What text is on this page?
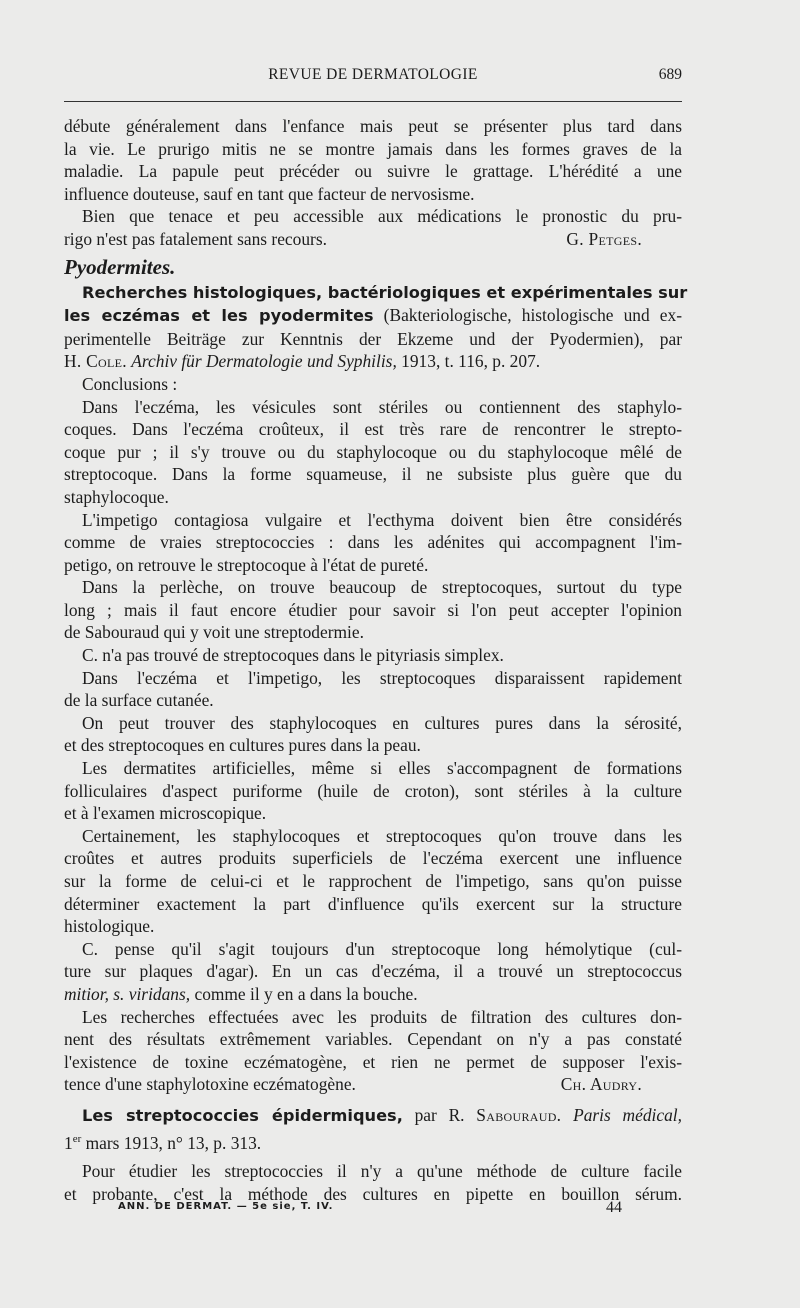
REVUE DE DERMATOLOGIE	689
débute généralement dans l'enfance mais peut se présenter plus tard dans
la vie. Le prurigo mitis ne se montre jamais dans les formes graves de la
maladie. La papule peut précéder ou suivre le grattage. L'hérédité a une
influence douteuse, sauf en tant que facteur de nervosisme.
Bien que tenace et peu accessible aux médications le pronostic du pru-
rigo n'est pas fatalement sans recours.	G. Petges.
Pyodermites.
Recherches histologiques, bactériologiques et expérimentales sur
les eczémas et les pyodermites (Bakteriologische, histologische und ex-
perimentelle Beiträge zur Kenntnis der Ekzeme und der Pyodermien), par
H. Cole. Archiv für Dermatologie und Syphilis, 1913, t. 116, p. 207.
Conclusions :
Dans l'eczéma, les vésicules sont stériles ou contiennent des staphylo-
coques. Dans l'eczéma croûteux, il est très rare de rencontrer le strepto-
coque pur ; il s'y trouve ou du staphylocoque ou du staphylocoque mêlé de
streptocoque. Dans la forme squameuse, il ne subsiste plus guère que du
staphylocoque.
L'impetigo contagiosa vulgaire et l'ecthyma doivent bien être considérés
comme de vraies streptococcies : dans les adénites qui accompagnent l'im-
petigo, on retrouve le streptocoque à l'état de pureté.
Dans la perlèche, on trouve beaucoup de streptocoques, surtout du type
long ; mais il faut encore étudier pour savoir si l'on peut accepter l'opinion
de Sabouraud qui y voit une streptodermie.
C. n'a pas trouvé de streptocoques dans le pityriasis simplex.
Dans l'eczéma et l'impetigo, les streptocoques disparaissent rapidement
de la surface cutanée.
On peut trouver des staphylocoques en cultures pures dans la sérosité,
et des streptocoques en cultures pures dans la peau.
Les dermatites artificielles, même si elles s'accompagnent de formations
folliculaires d'aspect puriforme (huile de croton), sont stériles à la culture
et à l'examen microscopique.
Certainement, les staphylocoques et streptocoques qu'on trouve dans les
croûtes et autres produits superficiels de l'eczéma exercent une influence
sur la forme de celui-ci et le rapprochent de l'impetigo, sans qu'on puisse
déterminer exactement la part d'influence qu'ils exercent sur la structure
histologique.
C. pense qu'il s'agit toujours d'un streptocoque long hémolytique (cul-
ture sur plaques d'agar). En un cas d'eczéma, il a trouvé un streptococcus
mitior, s. viridans, comme il y en a dans la bouche.
Les recherches effectuées avec les produits de filtration des cultures don-
nent des résultats extrêmement variables. Cependant on n'y a pas constaté
l'existence de toxine eczématogène, et rien ne permet de supposer l'exis-
tence d'une staphylotoxine eczématogène.	Ch. Audry.
Les streptococcies épidermiques, par R. Sabouraud. Paris médical,
1er mars 1913, n° 13, p. 313.
Pour étudier les streptococcies il n'y a qu'une méthode de culture facile
et probante, c'est la méthode des cultures en pipette en bouillon sérum.
ANN. DE DERMAT. — 5e sie, T. IV.	44
